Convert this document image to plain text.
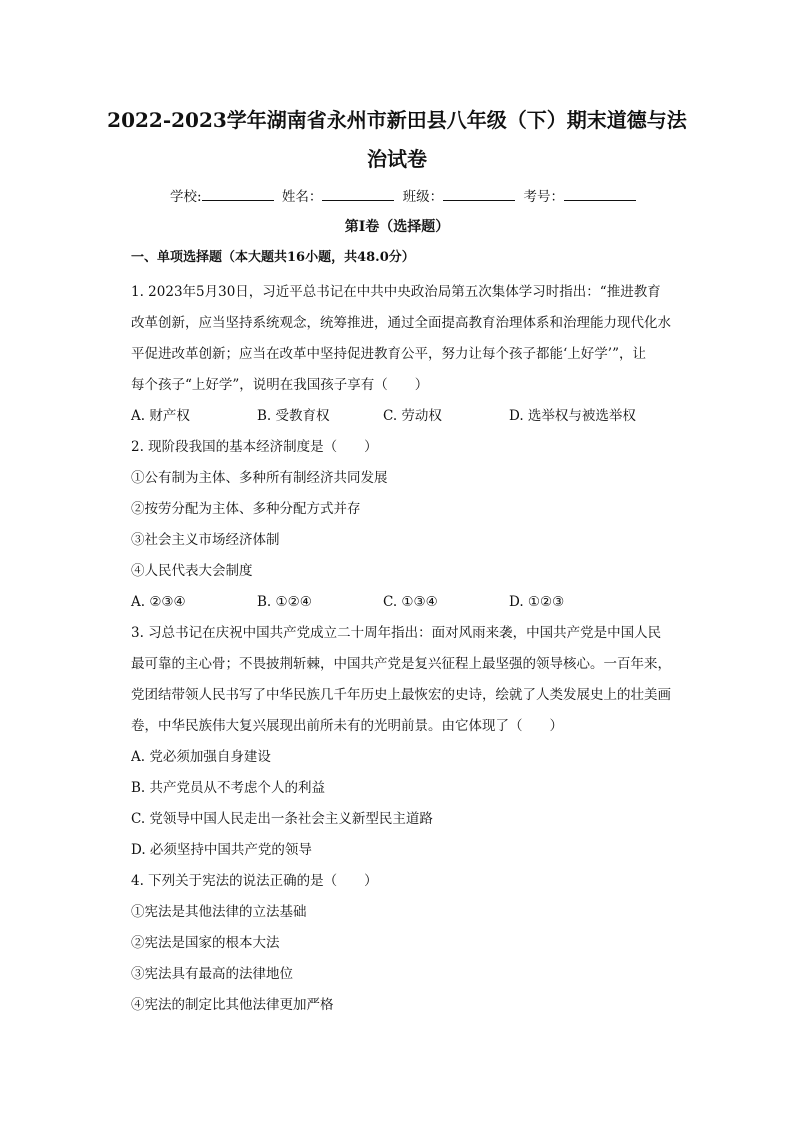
2022-2023学年湖南省永州市新田县八年级（下）期末道德与法
治试卷
学校:	姓名：	班级：	考号：
第Ⅰ卷（选择题）
一、单项选择题（本大题共16小题，共48.0分）
1. 2023年5月30日，习近平总书记在中共中央政治局第五次集体学习时指出：“推进教育
改革创新，应当坚持系统观念，统筹推进，通过全面提高教育治理体系和治理能力现代化水
平促进改革创新；应当在改革中坚持促进教育公平，努力让每个孩子都能‘上好学’”，让
每个孩子“上好学”，说明在我国孩子享有（　　）
A. 财产权	B. 受教育权	C. 劳动权	D. 选举权与被选举权
2. 现阶段我国的基本经济制度是（　　）
①公有制为主体、多种所有制经济共同发展
②按劳分配为主体、多种分配方式并存
③社会主义市场经济体制
④人民代表大会制度
A. ②③④	B. ①②④	C. ①③④	D. ①②③
3. 习总书记在庆祝中国共产党成立二十周年指出：面对风雨来袭，中国共产党是中国人民
最可靠的主心骨；不畏披荆斩棘，中国共产党是复兴征程上最坚强的领导核心。一百年来，
党团结带领人民书写了中华民族几千年历史上最恢宏的史诗，绘就了人类发展史上的壮美画
卷，中华民族伟大复兴展现出前所未有的光明前景。由它体现了（　　）
A. 党必须加强自身建设
B. 共产党员从不考虑个人的利益
C. 党领导中国人民走出一条社会主义新型民主道路
D. 必须坚持中国共产党的领导
4. 下列关于宪法的说法正确的是（　　）
①宪法是其他法律的立法基础
②宪法是国家的根本大法
③宪法具有最高的法律地位
④宪法的制定比其他法律更加严格
